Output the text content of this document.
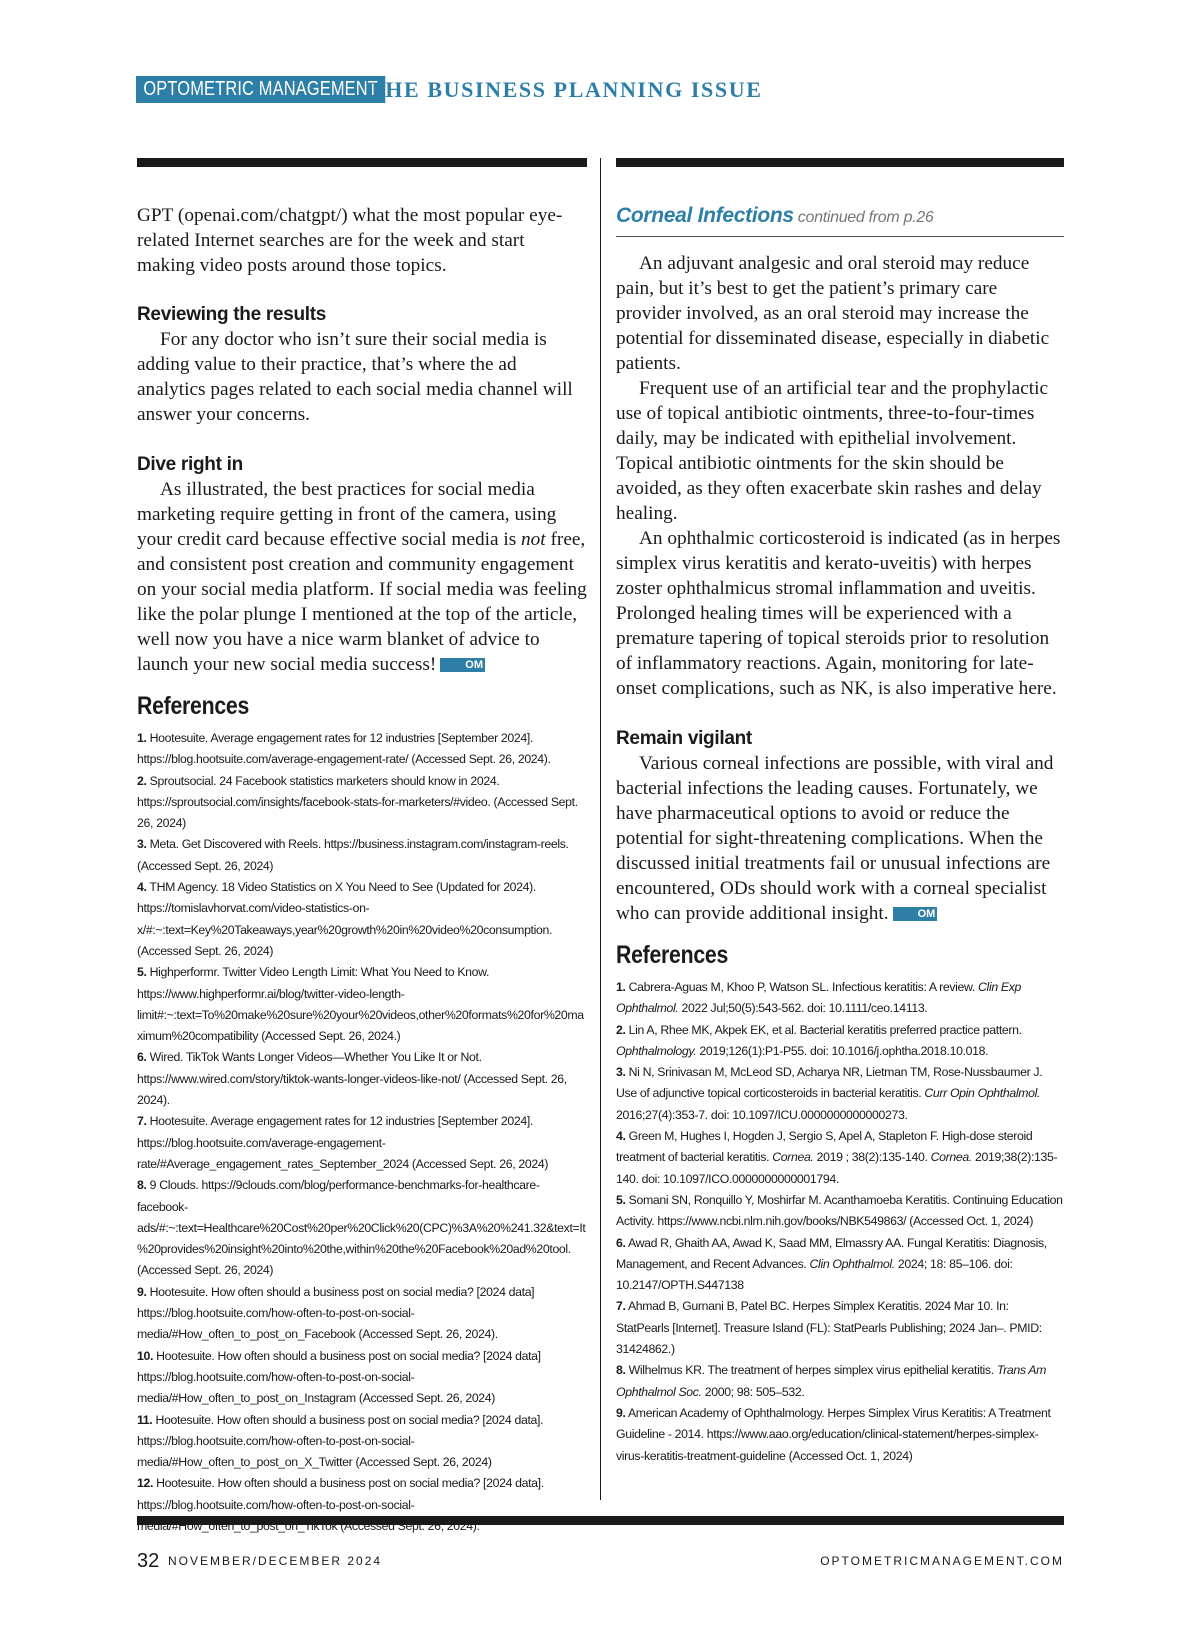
OPTOMETRIC MANAGEMENT
THE BUSINESS PLANNING ISSUE

GPT (openai.com/chatgpt/) what the most popular eye-related Internet searches are for the week and start making video posts around those topics.

Reviewing the results

For any doctor who isn’t sure their social media is adding value to their practice, that’s where the ad analytics pages related to each social media channel will answer your concerns.

Dive right in

As illustrated, the best practices for social media marketing require getting in front of the camera, using your credit card because effective social media is not free, and consistent post creation and community engagement on your social media platform. If social media was feeling like the polar plunge I mentioned at the top of the article, well now you have a nice warm blanket of advice to launch your new social media success!	OM

References

1. Hootesuite. Average engagement rates for 12 industries [September 2024]. https://blog.hootsuite.com/average-engagement-rate/ (Accessed Sept. 26, 2024).

2. Sproutsocial. 24 Facebook statistics marketers should know in 2024. https://sproutsocial.com/insights/facebook-stats-for-marketers/#video. (Accessed Sept. 26, 2024)

3. Meta. Get Discovered with Reels. https://business.instagram.com/instagram-reels. (Accessed Sept. 26, 2024)

4. THM Agency. 18 Video Statistics on X You Need to See (Updated for 2024). https://tomislavhorvat.com/video-statistics-on-x/#:~:text=Key%20Takeaways,year%20growth%20in%20video%20consumption. (Accessed Sept. 26, 2024)

5. Highperformr. Twitter Video Length Limit: What You Need to Know. https://www.highperformr.ai/blog/twitter-video-length-limit#:~:text=To%20make%20sure%20your%20videos,other%20formats%20for%20maximum%20compatibility (Accessed Sept. 26, 2024.)

6. Wired. TikTok Wants Longer Videos—Whether You Like It or Not. https://www.wired.com/story/tiktok-wants-longer-videos-like-not/ (Accessed Sept. 26, 2024).

7. Hootesuite. Average engagement rates for 12 industries [September 2024]. https://blog.hootsuite.com/average-engagement-rate/#Average_engagement_rates_September_2024 (Accessed Sept. 26, 2024)

8. 9 Clouds. https://9clouds.com/blog/performance-benchmarks-for-healthcare-facebook-ads/#:~:text=Healthcare%20Cost%20per%20Click%20(CPC)%3A%20%241.32&text=It%20provides%20insight%20into%20the,within%20the%20Facebook%20ad%20tool. (Accessed Sept. 26, 2024)

9. Hootesuite. How often should a business post on social media? [2024 data] https://blog.hootsuite.com/how-often-to-post-on-social-media/#How_often_to_post_on_Facebook (Accessed Sept. 26, 2024).

10. Hootesuite. How often should a business post on social media? [2024 data] https://blog.hootsuite.com/how-often-to-post-on-social-media/#How_often_to_post_on_Instagram (Accessed Sept. 26, 2024)

11. Hootesuite. How often should a business post on social media? [2024 data]. https://blog.hootsuite.com/how-often-to-post-on-social-media/#How_often_to_post_on_X_Twitter (Accessed Sept. 26, 2024)

12. Hootesuite. How often should a business post on social media? [2024 data]. https://blog.hootsuite.com/how-often-to-post-on-social-media/#How_often_to_post_on_TikTok (Accessed Sept. 26, 2024).

Corneal Infections continued from p.26

An adjuvant analgesic and oral steroid may reduce pain, but it’s best to get the patient’s primary care provider involved, as an oral steroid may increase the potential for disseminated disease, especially in diabetic patients.

Frequent use of an artificial tear and the prophylactic use of topical antibiotic ointments, three-to-four-times daily, may be indicated with epithelial involvement. Topical antibiotic ointments for the skin should be avoided, as they often exacerbate skin rashes and delay healing.

An ophthalmic corticosteroid is indicated (as in herpes simplex virus keratitis and kerato-uveitis) with herpes zoster ophthalmicus stromal inflammation and uveitis. Prolonged healing times will be experienced with a premature tapering of topical steroids prior to resolution of inflammatory reactions. Again, monitoring for late-onset complications, such as NK, is also imperative here.

Remain vigilant

Various corneal infections are possible, with viral and bacterial infections the leading causes. Fortunately, we have pharmaceutical options to avoid or reduce the potential for sight-threatening complications. When the discussed initial treatments fail or unusual infections are encountered, ODs should work with a corneal specialist who can provide additional insight.	OM

References

1. Cabrera-Aguas M, Khoo P, Watson SL. Infectious keratitis: A review. Clin Exp Ophthalmol. 2022 Jul;50(5):543-562. doi: 10.1111/ceo.14113.

2. Lin A, Rhee MK, Akpek EK, et al. Bacterial keratitis preferred practice pattern. Ophthalmology. 2019;126(1):P1-P55. doi: 10.1016/j.ophtha.2018.10.018.

3. Ni N, Srinivasan M, McLeod SD, Acharya NR, Lietman TM, Rose-Nussbaumer J. Use of adjunctive topical corticosteroids in bacterial keratitis. Curr Opin Ophthalmol. 2016;27(4):353-7. doi: 10.1097/ICU.0000000000000273.

4. Green M, Hughes I, Hogden J, Sergio S, Apel A, Stapleton F. High-dose steroid treatment of bacterial keratitis. Cornea. 2019 ; 38(2):135-140. Cornea. 2019;38(2):135-140. doi: 10.1097/ICO.0000000000001794.

5. Somani SN, Ronquillo Y, Moshirfar M. Acanthamoeba Keratitis. Continuing Education Activity. https://www.ncbi.nlm.nih.gov/books/NBK549863/ (Accessed Oct. 1, 2024)

6. Awad R, Ghaith AA, Awad K, Saad MM, Elmassry AA. Fungal Keratitis: Diagnosis, Management, and Recent Advances. Clin Ophthalmol. 2024; 18: 85–106. doi: 10.2147/OPTH.S447138

7. Ahmad B, Gurnani B, Patel BC. Herpes Simplex Keratitis. 2024 Mar 10. In: StatPearls [Internet]. Treasure Island (FL): StatPearls Publishing; 2024 Jan–. PMID: 31424862.)

8. Wilhelmus KR. The treatment of herpes simplex virus epithelial keratitis. Trans Am Ophthalmol Soc. 2000; 98: 505–532.

9. American Academy of Ophthalmology. Herpes Simplex Virus Keratitis: A Treatment Guideline - 2014. https://www.aao.org/education/clinical-statement/herpes-simplex-virus-keratitis-treatment-guideline (Accessed Oct. 1, 2024)

32 NOVEMBER/DECEMBER 2024	OPTOMETRICMANAGEMENT.COM
